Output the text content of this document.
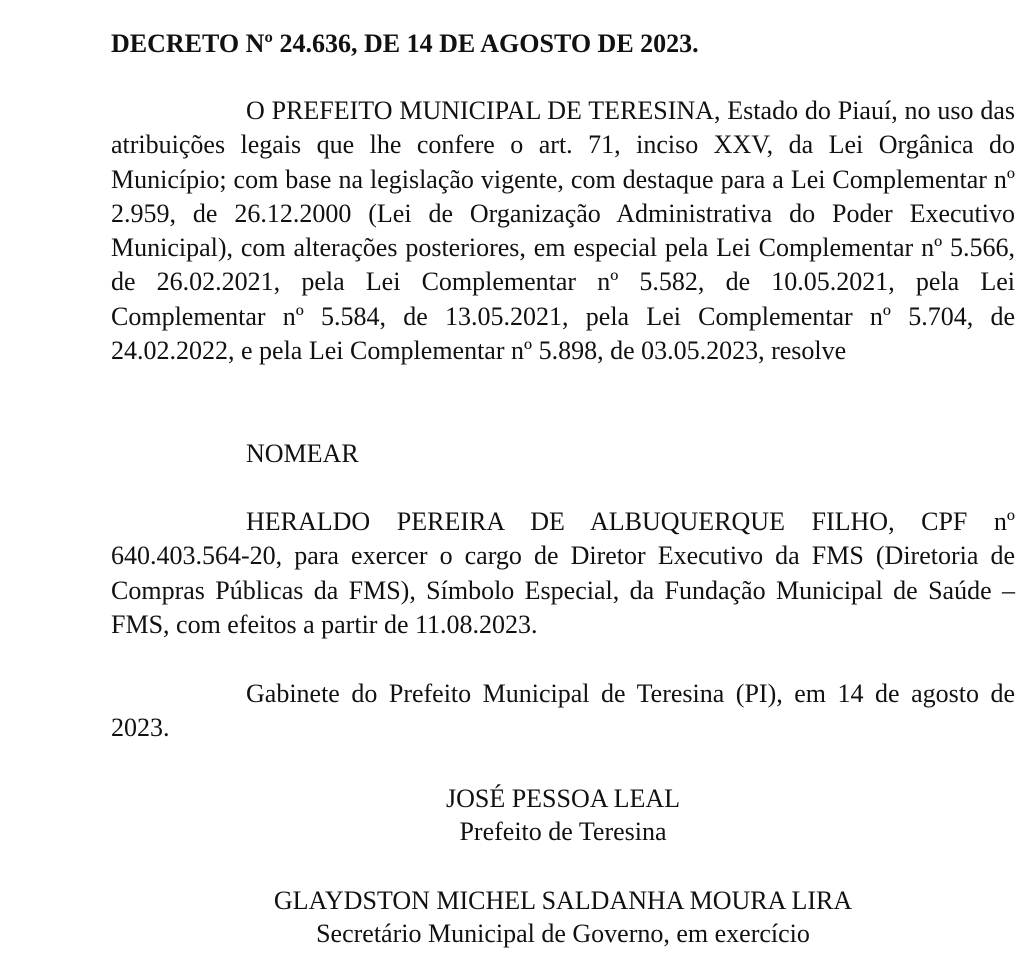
DECRETO Nº 24.636, DE 14 DE AGOSTO DE 2023.
O PREFEITO MUNICIPAL DE TERESINA, Estado do Piauí, no uso das atribuições legais que lhe confere o art. 71, inciso XXV, da Lei Orgânica do Município; com base na legislação vigente, com destaque para a Lei Complementar nº 2.959, de 26.12.2000 (Lei de Organização Administrativa do Poder Executivo Municipal), com alterações posteriores, em especial pela Lei Complementar nº 5.566, de 26.02.2021, pela Lei Complementar nº 5.582, de 10.05.2021, pela Lei Complementar nº 5.584, de 13.05.2021, pela Lei Complementar nº 5.704, de 24.02.2022, e pela Lei Complementar nº 5.898, de 03.05.2023, resolve
NOMEAR
HERALDO PEREIRA DE ALBUQUERQUE FILHO, CPF nº 640.403.564-20, para exercer o cargo de Diretor Executivo da FMS (Diretoria de Compras Públicas da FMS), Símbolo Especial, da Fundação Municipal de Saúde – FMS, com efeitos a partir de 11.08.2023.
Gabinete do Prefeito Municipal de Teresina (PI), em 14 de agosto de 2023.
JOSÉ PESSOA LEAL
Prefeito de Teresina
GLAYDSTON MICHEL SALDANHA MOURA LIRA
Secretário Municipal de Governo, em exercício
